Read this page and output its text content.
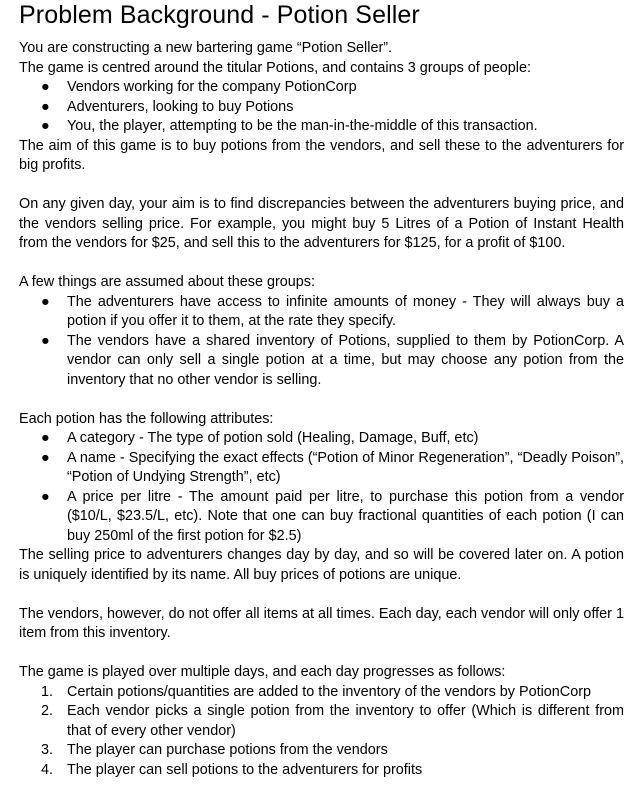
Problem Background - Potion Seller

You are constructing a new bartering game “Potion Seller”.

The game is centred around the titular Potions, and contains 3 groups of people:

●	Vendors working for the company PotionCorp
●	Adventurers, looking to buy Potions
●	You, the player, attempting to be the man-in-the-middle of this transaction.

The aim of this game is to buy potions from the vendors, and sell these to the adventurers for big profits.

On any given day, your aim is to find discrepancies between the adventurers buying price, and the vendors selling price. For example, you might buy 5 Litres of a Potion of Instant Health from the vendors for $25, and sell this to the adventurers for $125, for a profit of $100.

A few things are assumed about these groups:

●	The adventurers have access to infinite amounts of money - They will always buy a potion if you offer it to them, at the rate they specify.
●	The vendors have a shared inventory of Potions, supplied to them by PotionCorp. A vendor can only sell a single potion at a time, but may choose any potion from the inventory that no other vendor is selling.

Each potion has the following attributes:

●	A category - The type of potion sold (Healing, Damage, Buff, etc)
●	A name - Specifying the exact effects (“Potion of Minor Regeneration”, “Deadly Poison”, “Potion of Undying Strength”, etc)
●	A price per litre - The amount paid per litre, to purchase this potion from a vendor ($10/L, $23.5/L, etc). Note that one can buy fractional quantities of each potion (I can buy 250ml of the first potion for $2.5)

The selling price to adventurers changes day by day, and so will be covered later on. A potion is uniquely identified by its name. All buy prices of potions are unique.

The vendors, however, do not offer all items at all times. Each day, each vendor will only offer 1 item from this inventory.

The game is played over multiple days, and each day progresses as follows:

1. Certain potions/quantities are added to the inventory of the vendors by PotionCorp
2. Each vendor picks a single potion from the inventory to offer (Which is different from that of every other vendor)
3. The player can purchase potions from the vendors
4. The player can sell potions to the adventurers for profits
